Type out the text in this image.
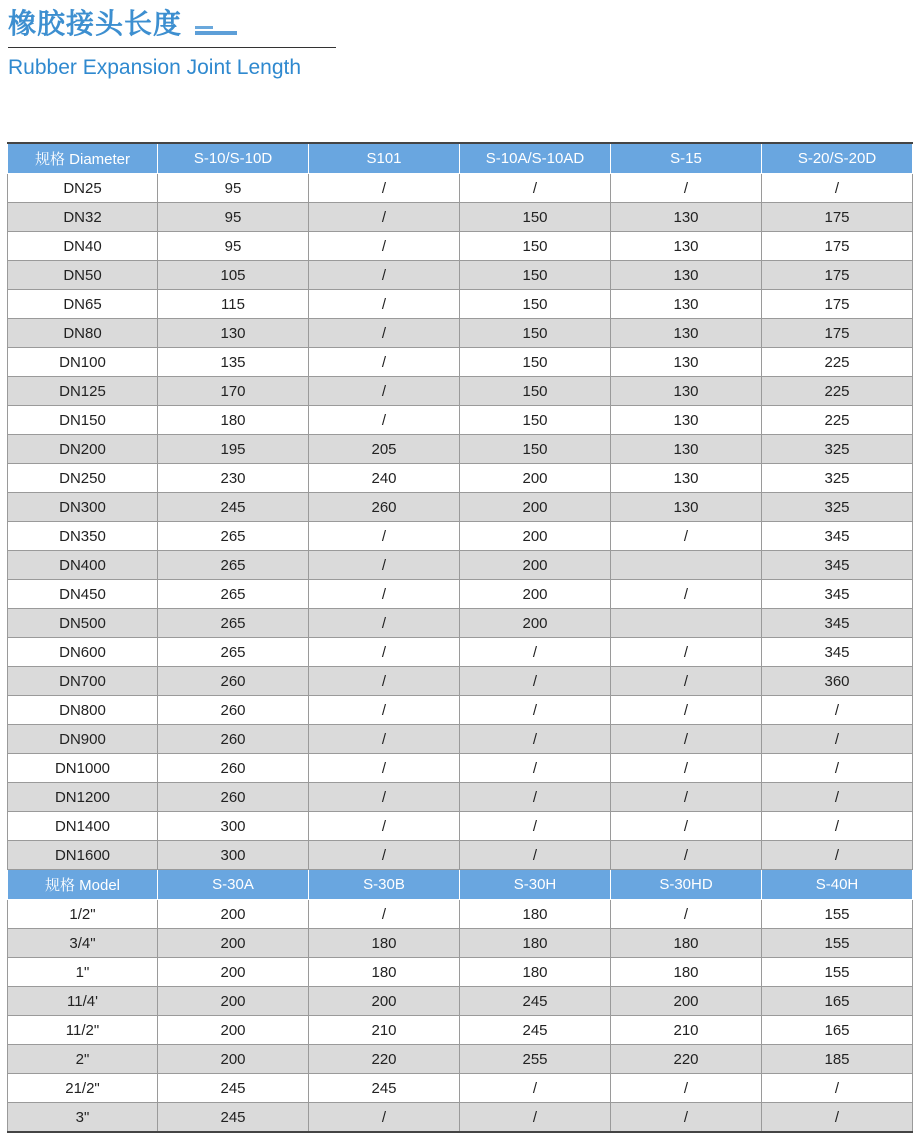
橡胶接头长度
Rubber Expansion Joint Length
规格 Diameter	S-10/S-10D	S101	S-10A/S-10AD	S-15	S-20/S-20D
DN25	95	/	/	/	/
DN32	95	/	150	130	175
DN40	95	/	150	130	175
DN50	105	/	150	130	175
DN65	115	/	150	130	175
DN80	130	/	150	130	175
DN100	135	/	150	130	225
DN125	170	/	150	130	225
DN150	180	/	150	130	225
DN200	195	205	150	130	325
DN250	230	240	200	130	325
DN300	245	260	200	130	325
DN350	265	/	200	/	345
DN400	265	/	200		345
DN450	265	/	200	/	345
DN500	265	/	200		345
DN600	265	/	/	/	345
DN700	260	/	/	/	360
DN800	260	/	/	/	/
DN900	260	/	/	/	/
DN1000	260	/	/	/	/
DN1200	260	/	/	/	/
DN1400	300	/	/	/	/
DN1600	300	/	/	/	/
规格 Model	S-30A	S-30B	S-30H	S-30HD	S-40H
1/2"	200	/	180	/	155
3/4"	200	180	180	180	155
1"	200	180	180	180	155
11/4'	200	200	245	200	165
11/2"	200	210	245	210	165
2"	200	220	255	220	185
21/2"	245	245	/	/	/
3"	245	/	/	/	/
